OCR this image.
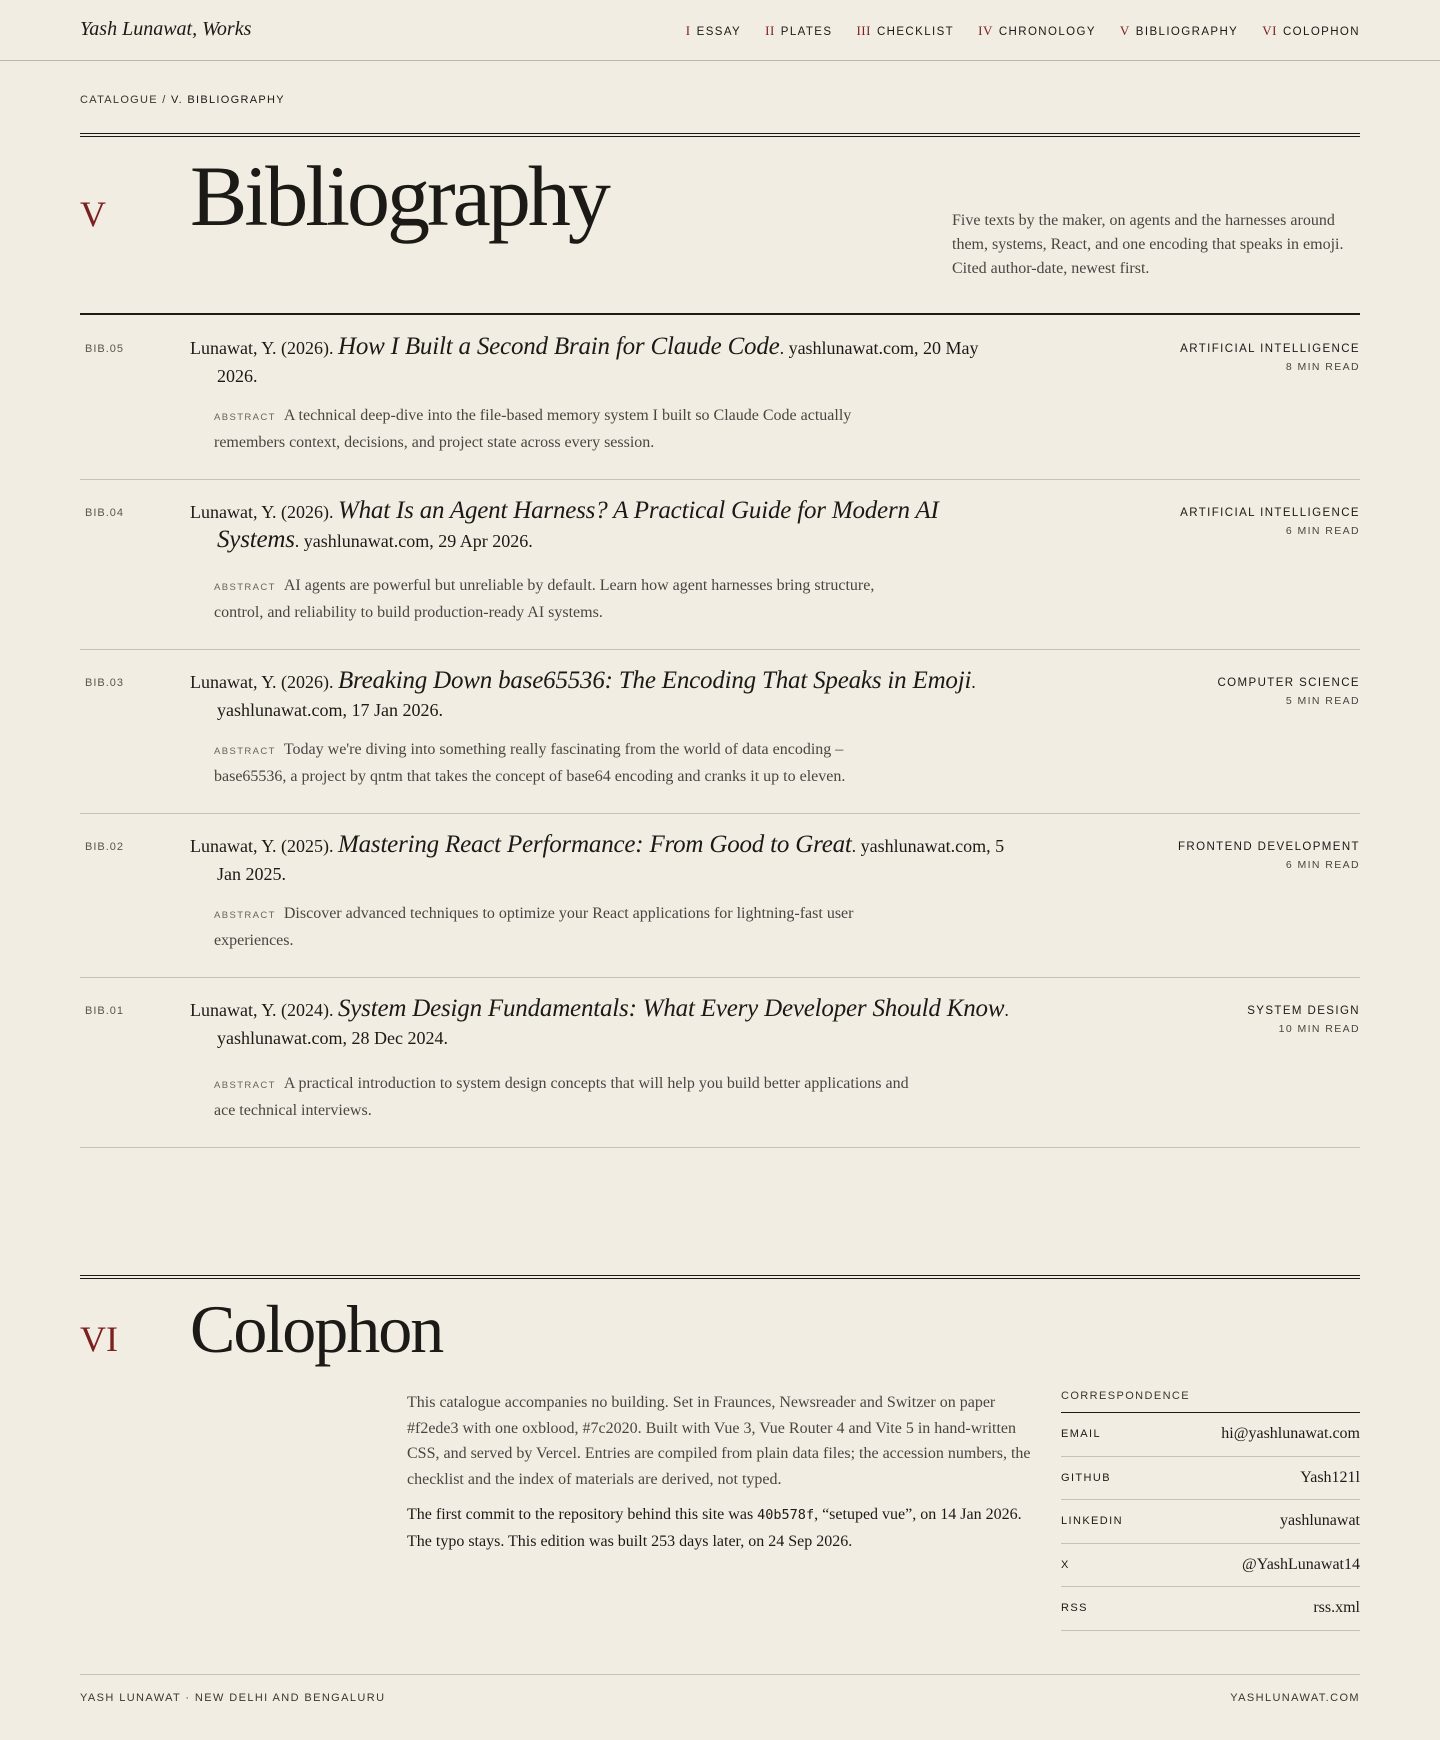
Yash Lunawat, Works	I ESSAY II PLATES III CHECKLIST IV CHRONOLOGY V BIBLIOGRAPHY VI COLOPHON
CATALOGUE / V. BIBLIOGRAPHY
V Bibliography	Five texts by the maker, on agents and the harnesses around them, systems, React, and one encoding that speaks in emoji. Cited author-date, newest first.

BIB.05	Lunawat, Y. (2026). How I Built a Second Brain for Claude Code. yashlunawat.com, 20 May 2026.

ABSTRACT A technical deep-dive into the file-based memory system I built so Claude Code actually remembers context, decisions, and project state across every session.

ARTIFICIAL INTELLIGENCE
8 MIN READ
BIB.04	Lunawat, Y. (2026). What Is an Agent Harness? A Practical Guide for Modern AI Systems. yashlunawat.com, 29 Apr 2026.

ABSTRACT AI agents are powerful but unreliable by default. Learn how agent harnesses bring structure, control, and reliability to build production-ready AI systems.

ARTIFICIAL INTELLIGENCE
6 MIN READ
BIB.03	Lunawat, Y. (2026). Breaking Down base65536: The Encoding That Speaks in Emoji. yashlunawat.com, 17 Jan 2026.

ABSTRACT Today we're diving into something really fascinating from the world of data encoding – base65536, a project by qntm that takes the concept of base64 encoding and cranks it up to eleven.

COMPUTER SCIENCE
5 MIN READ
BIB.02	Lunawat, Y. (2025). Mastering React Performance: From Good to Great. yashlunawat.com, 5 Jan 2025.

ABSTRACT Discover advanced techniques to optimize your React applications for lightning-fast user experiences.

FRONTEND DEVELOPMENT
6 MIN READ
BIB.01	Lunawat, Y. (2024). System Design Fundamentals: What Every Developer Should Know. yashlunawat.com, 28 Dec 2024.

ABSTRACT A practical introduction to system design concepts that will help you build better applications and ace technical interviews.

SYSTEM DESIGN
10 MIN READ
VI Colophon

This catalogue accompanies no building. Set in Fraunces, Newsreader and Switzer on paper #f2ede3 with one oxblood, #7c2020. Built with Vue 3, Vue Router 4 and Vite 5 in hand-written CSS, and served by Vercel. Entries are compiled from plain data files; the accession numbers, the checklist and the index of materials are derived, not typed.

The first commit to the repository behind this site was 40b578f, “setuped vue”, on 14 Jan 2026. The typo stays. This edition was built 253 days later, on 24 Sep 2026.

CORRESPONDENCE
EMAIL	hi@yashlunawat.com
GITHUB	Yash121l
LINKEDIN	yashlunawat
X	@YashLunawat14
RSS	rss.xml
YASH LUNAWAT · NEW DELHI AND BENGALURU	YASHLUNAWAT.COM
